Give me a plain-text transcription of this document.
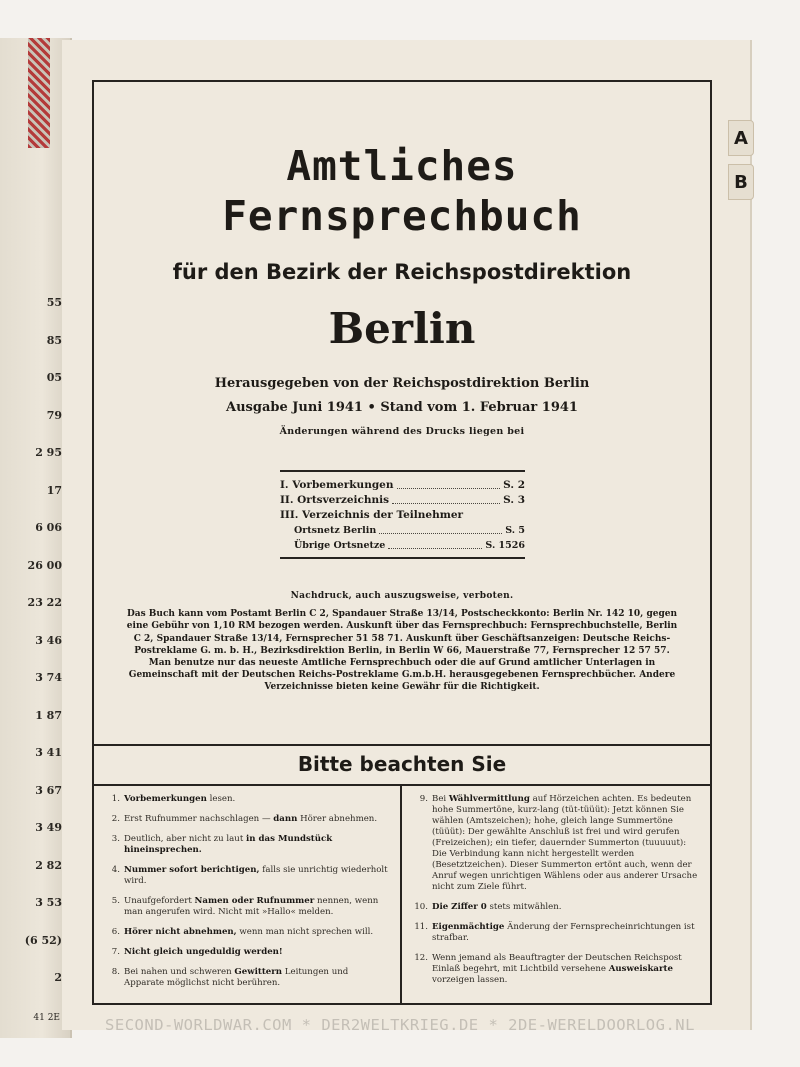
55
85
05
79
2 95
17
6 06
26 00
23 22
3 46
3 74
1 87
3 41
3 67
3 49
2 82
3 53
(6 52)
2
41 2E
A
B
Amtliches
Fernsprechbuch
für den Bezirk der Reichspostdirektion
Berlin
Herausgegeben von der Reichspostdirektion Berlin
Ausgabe Juni 1941 • Stand vom 1. Februar 1941
Änderungen während des Drucks liegen bei
I. Vorbemerkungen	S. 2
II. Ortsverzeichnis	S. 3
III. Verzeichnis der Teilnehmer
Ortsnetz Berlin	S. 5
Übrige Ortsnetze	S. 1526
Nachdruck, auch auszugsweise, verboten.
Das Buch kann vom Postamt Berlin C 2, Spandauer Straße 13/14, Postscheckkonto: Berlin Nr. 142 10, gegen eine Gebühr von 1,10 RM bezogen werden. Auskunft über das Fernsprechbuch: Fernsprechbuchstelle, Berlin C 2, Spandauer Straße 13/14, Fernsprecher 51 58 71. Auskunft über Geschäftsanzeigen: Deutsche Reichs-Postreklame G. m. b. H., Bezirksdirektion Berlin, in Berlin W 66, Mauerstraße 77, Fernsprecher 12 57 57.
Man benutze nur das neueste Amtliche Fernsprechbuch oder die auf Grund amtlicher Unterlagen in Gemeinschaft mit der Deutschen Reichs-Postreklame G.m.b.H. herausgegebenen Fernsprechbücher. Andere Verzeichnisse bieten keine Gewähr für die Richtigkeit.
Bitte beachten Sie
1. Vorbemerkungen lesen.
2. Erst Rufnummer nachschlagen — dann Hörer abnehmen.
3. Deutlich, aber nicht zu laut in das Mundstück hineinsprechen.
4. Nummer sofort berichtigen, falls sie unrichtig wiederholt wird.
5. Unaufgefordert Namen oder Rufnummer nennen, wenn man angerufen wird. Nicht mit »Hallo« melden.
6. Hörer nicht abnehmen, wenn man nicht sprechen will.
7. Nicht gleich ungeduldig werden!
8. Bei nahen und schweren Gewittern Leitungen und Apparate möglichst nicht berühren.
9. Bei Wählvermittlung auf Hörzeichen achten. Es bedeuten hohe Summertöne, kurz-lang (tüt-tüüüt): Jetzt können Sie wählen (Amtszeichen); hohe, gleich lange Summertöne (tüüüt): Der gewählte Anschluß ist frei und wird gerufen (Freizeichen); ein tiefer, dauernder Summerton (tuuuuut): Die Verbindung kann nicht hergestellt werden (Besetztzeichen). Dieser Summerton ertönt auch, wenn der Anruf wegen unrichtigen Wählens oder aus anderer Ursache nicht zum Ziele führt.
10. Die Ziffer 0 stets mitwählen.
11. Eigenmächtige Änderung der Fernsprecheinrichtungen ist strafbar.
12. Wenn jemand als Beauftragter der Deutschen Reichspost Einlaß begehrt, mit Lichtbild versehene Ausweiskarte vorzeigen lassen.
SECOND-WORLDWAR.COM * DER2WELTKRIEG.DE * 2DE-WERELDOORLOG.NL
